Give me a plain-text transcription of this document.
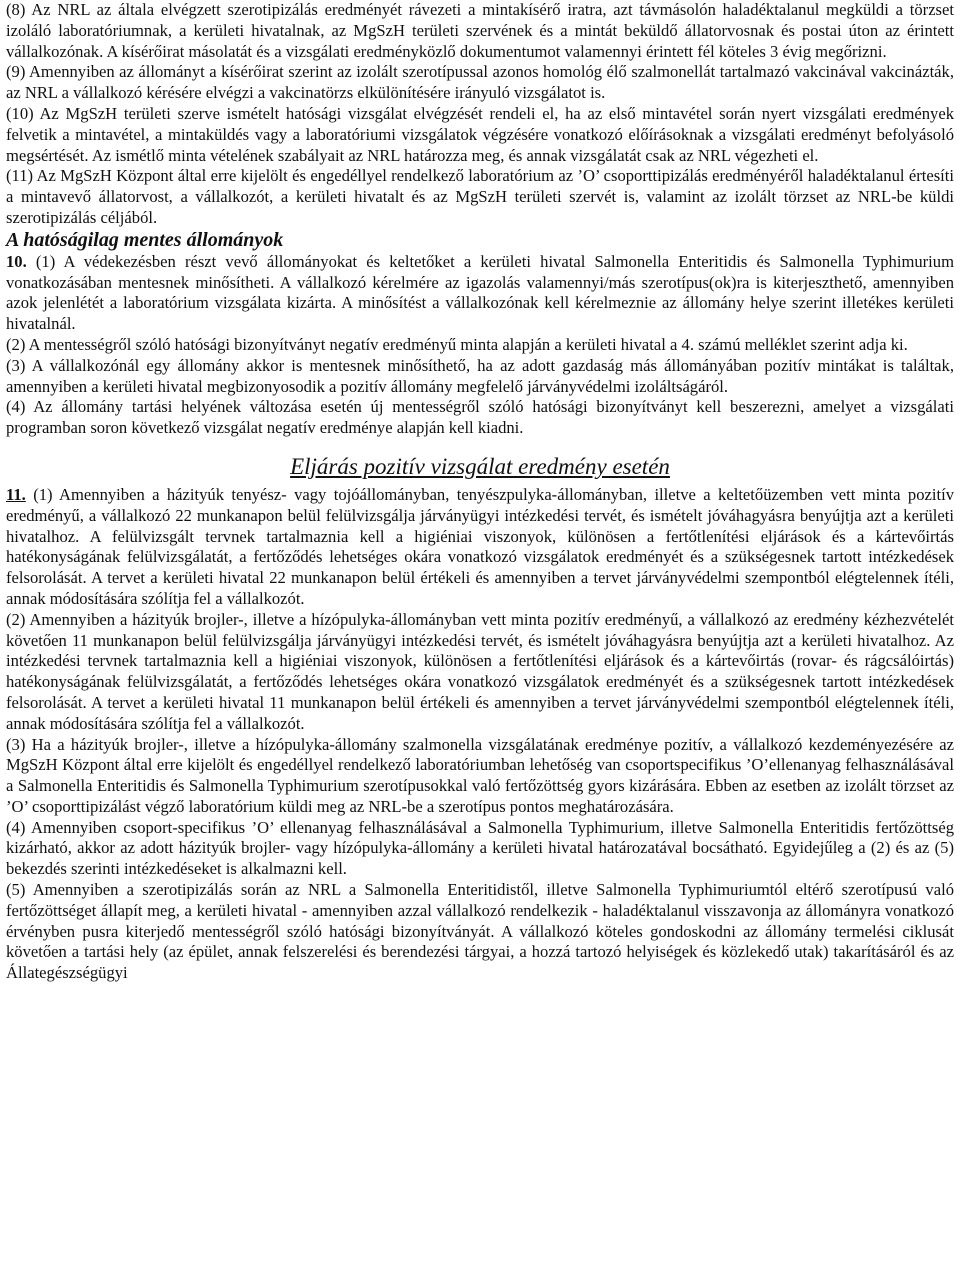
(8) Az NRL az általa elvégzett szerotipizálás eredményét rávezeti a mintakísérő iratra, azt távmásolón haladéktalanul megküldi a törzset izoláló laboratóriumnak, a kerületi hivatalnak, az MgSzH területi szervének és a mintát beküldő állatorvosnak és postai úton az érintett vállalkozónak. A kísérőirat másolatát és a vizsgálati eredményközlő dokumentumot valamennyi érintett fél köteles 3 évig megőrizni.

(9) Amennyiben az állományt a kísérőirat szerint az izolált szerotípussal azonos homológ élő szalmonellát tartalmazó vakcinával vakcinázták, az NRL a vállalkozó kérésére elvégzi a vakcinatörzs elkülönítésére irányuló vizsgálatot is.

(10) Az MgSzH területi szerve ismételt hatósági vizsgálat elvégzését rendeli el, ha az első mintavétel során nyert vizsgálati eredmények felvetik a mintavétel, a mintaküldés vagy a laboratóriumi vizsgálatok végzésére vonatkozó előírásoknak a vizsgálati eredményt befolyásoló megsértését. Az ismétlő minta vételének szabályait az NRL határozza meg, és annak vizsgálatát csak az NRL végezheti el.

(11) Az MgSzH Központ által erre kijelölt és engedéllyel rendelkező laboratórium az ’O’ csoporttipizálás eredményéről haladéktalanul értesíti a mintavevő állatorvost, a vállalkozót, a kerületi hivatalt és az MgSzH területi szervét is, valamint az izolált törzset az NRL-be küldi szerotipizálás céljából.

A hatóságilag mentes állományok

10. (1) A védekezésben részt vevő állományokat és keltetőket a kerületi hivatal Salmonella Enteritidis és Salmonella Typhimurium vonatkozásában mentesnek minősítheti. A vállalkozó kérelmére az igazolás valamennyi/más szerotípus(ok)ra is kiterjeszthető, amennyiben azok jelenlétét a laboratórium vizsgálata kizárta. A minősítést a vállalkozónak kell kérelmeznie az állomány helye szerint illetékes kerületi hivatalnál.

(2) A mentességről szóló hatósági bizonyítványt negatív eredményű minta alapján a kerületi hivatal a 4. számú melléklet szerint adja ki.

(3) A vállalkozónál egy állomány akkor is mentesnek minősíthető, ha az adott gazdaság más állományában pozitív mintákat is találtak, amennyiben a kerületi hivatal megbizonyosodik a pozitív állomány megfelelő járványvédelmi izoláltságáról.

(4) Az állomány tartási helyének változása esetén új mentességről szóló hatósági bizonyítványt kell beszerezni, amelyet a vizsgálati programban soron következő vizsgálat negatív eredménye alapján kell kiadni.

Eljárás pozitív vizsgálat eredmény esetén

11. (1) Amennyiben a házityúk tenyész- vagy tojóállományban, tenyészpulyka-állományban, illetve a keltetőüzemben vett minta pozitív eredményű, a vállalkozó 22 munkanapon belül felülvizsgálja járványügyi intézkedési tervét, és ismételt jóváhagyásra benyújtja azt a kerületi hivatalhoz. A felülvizsgált tervnek tartalmaznia kell a higiéniai viszonyok, különösen a fertőtlenítési eljárások és a kártevőirtás hatékonyságának felülvizsgálatát, a fertőződés lehetséges okára vonatkozó vizsgálatok eredményét és a szükségesnek tartott intézkedések felsorolását. A tervet a kerületi hivatal 22 munkanapon belül értékeli és amennyiben a tervet járványvédelmi szempontból elégtelennek ítéli, annak módosítására szólítja fel a vállalkozót.

(2) Amennyiben a házityúk brojler-, illetve a hízópulyka-állományban vett minta pozitív eredményű, a vállalkozó az eredmény kézhezvételét követően 11 munkanapon belül felülvizsgálja járványügyi intézkedési tervét, és ismételt jóváhagyásra benyújtja azt a kerületi hivatalhoz. Az intézkedési tervnek tartalmaznia kell a higiéniai viszonyok, különösen a fertőtlenítési eljárások és a kártevőirtás (rovar- és rágcsálóirtás) hatékonyságának felülvizsgálatát, a fertőződés lehetséges okára vonatkozó vizsgálatok eredményét és a szükségesnek tartott intézkedések felsorolását. A tervet a kerületi hivatal 11 munkanapon belül értékeli és amennyiben a tervet járványvédelmi szempontból elégtelennek ítéli, annak módosítására szólítja fel a vállalkozót.

(3) Ha a házityúk brojler-, illetve a hízópulyka-állomány szalmonella vizsgálatának eredménye pozitív, a vállalkozó kezdeményezésére az MgSzH Központ által erre kijelölt és engedéllyel rendelkező laboratóriumban lehetőség van csoportspecifikus ’O’ellenanyag felhasználásával a Salmonella Enteritidis és Salmonella Typhimurium szerotípusokkal való fertőzöttség gyors kizárására. Ebben az esetben az izolált törzset az ’O’ csoporttipizálást végző laboratórium küldi meg az NRL-be a szerotípus pontos meghatározására.

(4) Amennyiben csoport-specifikus ’O’ ellenanyag felhasználásával a Salmonella Typhimurium, illetve Salmonella Enteritidis fertőzöttség kizárható, akkor az adott házityúk brojler- vagy hízópulyka-állomány a kerületi hivatal határozatával bocsátható. Egyidejűleg a (2) és az (5) bekezdés szerinti intézkedéseket is alkalmazni kell.

(5) Amennyiben a szerotipizálás során az NRL a Salmonella Enteritidistől, illetve Salmonella Typhimuriumtól eltérő szerotípusú való fertőzöttséget állapít meg, a kerületi hivatal - amennyiben azzal vállalkozó rendelkezik - haladéktalanul visszavonja az állományra vonatkozó érvényben pusra kiterjedő mentességről szóló hatósági bizonyítványát. A vállalkozó köteles gondoskodni az állomány termelési ciklusát követően a tartási hely (az épület, annak felszerelési és berendezési tárgyai, a hozzá tartozó helyiségek és közlekedő utak) takarításáról és az Állategészségügyi
